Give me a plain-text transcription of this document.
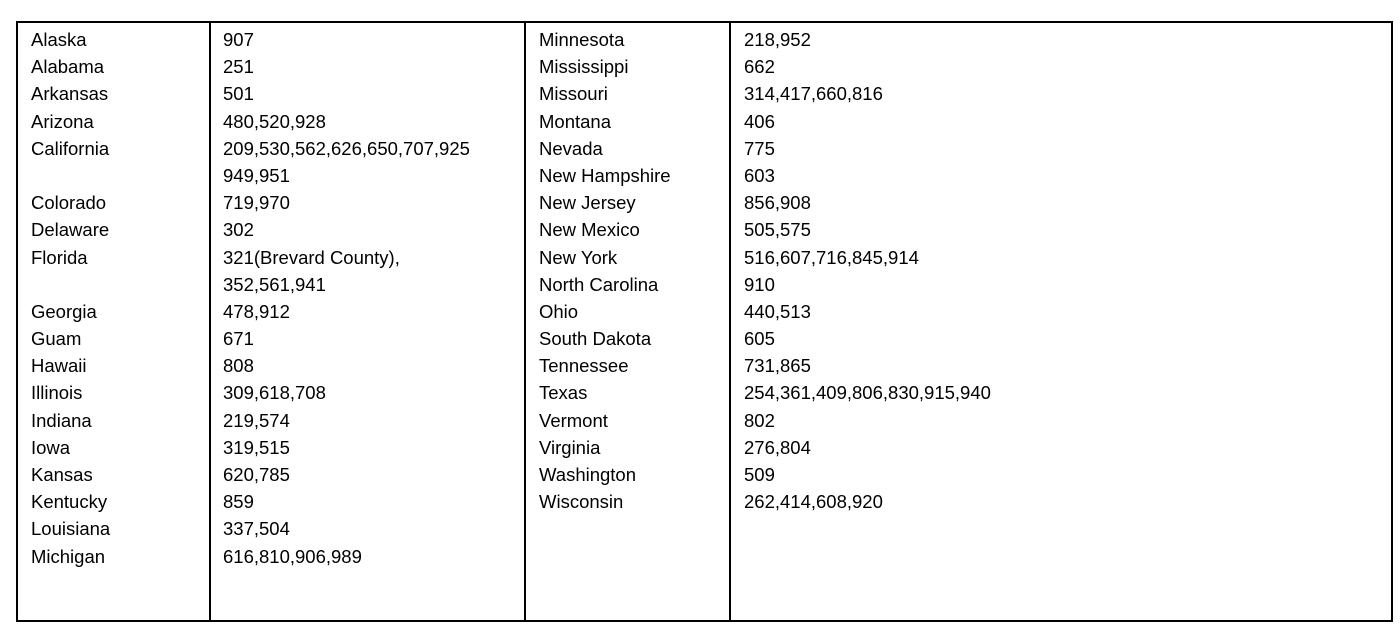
Alaska
Alabama
Arkansas
Arizona
California
Colorado
Delaware
Florida
Georgia
Guam
Hawaii
Illinois
Indiana
Iowa
Kansas
Kentucky
Louisiana
Michigan
907
251
501
480,520,928
209,530,562,626,650,707,925
949,951
719,970
302
321(Brevard County),
352,561,941
478,912
671
808
309,618,708
219,574
319,515
620,785
859
337,504
616,810,906,989
Minnesota
Mississippi
Missouri
Montana
Nevada
New Hampshire
New Jersey
New Mexico
New York
North Carolina
Ohio
South Dakota
Tennessee
Texas
Vermont
Virginia
Washington
Wisconsin
218,952
662
314,417,660,816
406
775
603
856,908
505,575
516,607,716,845,914
910
440,513
605
731,865
254,361,409,806,830,915,940
802
276,804
509
262,414,608,920
